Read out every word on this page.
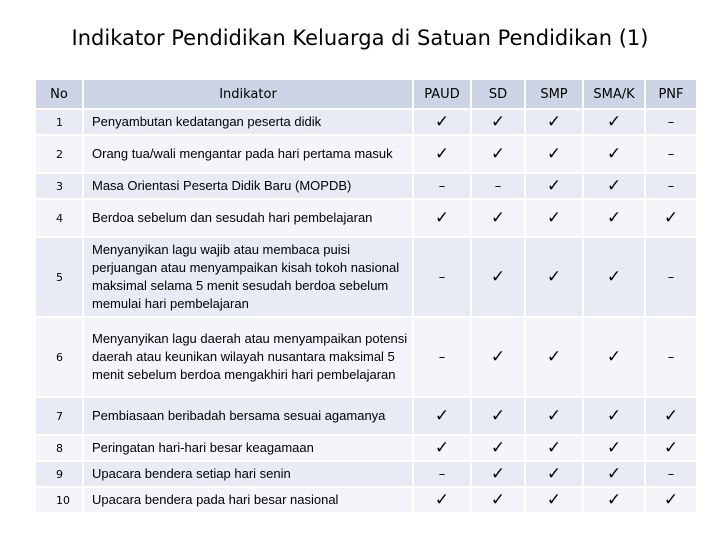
Indikator Pendidikan Keluarga di Satuan Pendidikan (1)
No	Indikator	PAUD	SD	SMP	SMA/K	PNF
1	Penyambutan kedatangan peserta didik	✓	✓	✓	✓	–
2	Orang tua/wali mengantar pada hari pertama masuk	✓	✓	✓	✓	–
3	Masa Orientasi Peserta Didik Baru (MOPDB)	–	–	✓	✓	–
4	Berdoa sebelum dan sesudah hari pembelajaran	✓	✓	✓	✓	✓
5	Menyanyikan lagu wajib atau membaca puisi perjuangan atau menyampaikan kisah tokoh nasional maksimal selama 5 menit sesudah berdoa sebelum memulai hari pembelajaran	–	✓	✓	✓	–
6	Menyanyikan lagu daerah atau menyampaikan potensi daerah atau keunikan wilayah nusantara maksimal 5 menit sebelum berdoa mengakhiri hari pembelajaran	–	✓	✓	✓	–
7	Pembiasaan beribadah bersama sesuai agamanya	✓	✓	✓	✓	✓
8	Peringatan hari-hari besar keagamaan	✓	✓	✓	✓	✓
9	Upacara bendera setiap hari senin	–	✓	✓	✓	–
10	Upacara bendera pada hari besar nasional	✓	✓	✓	✓	✓
